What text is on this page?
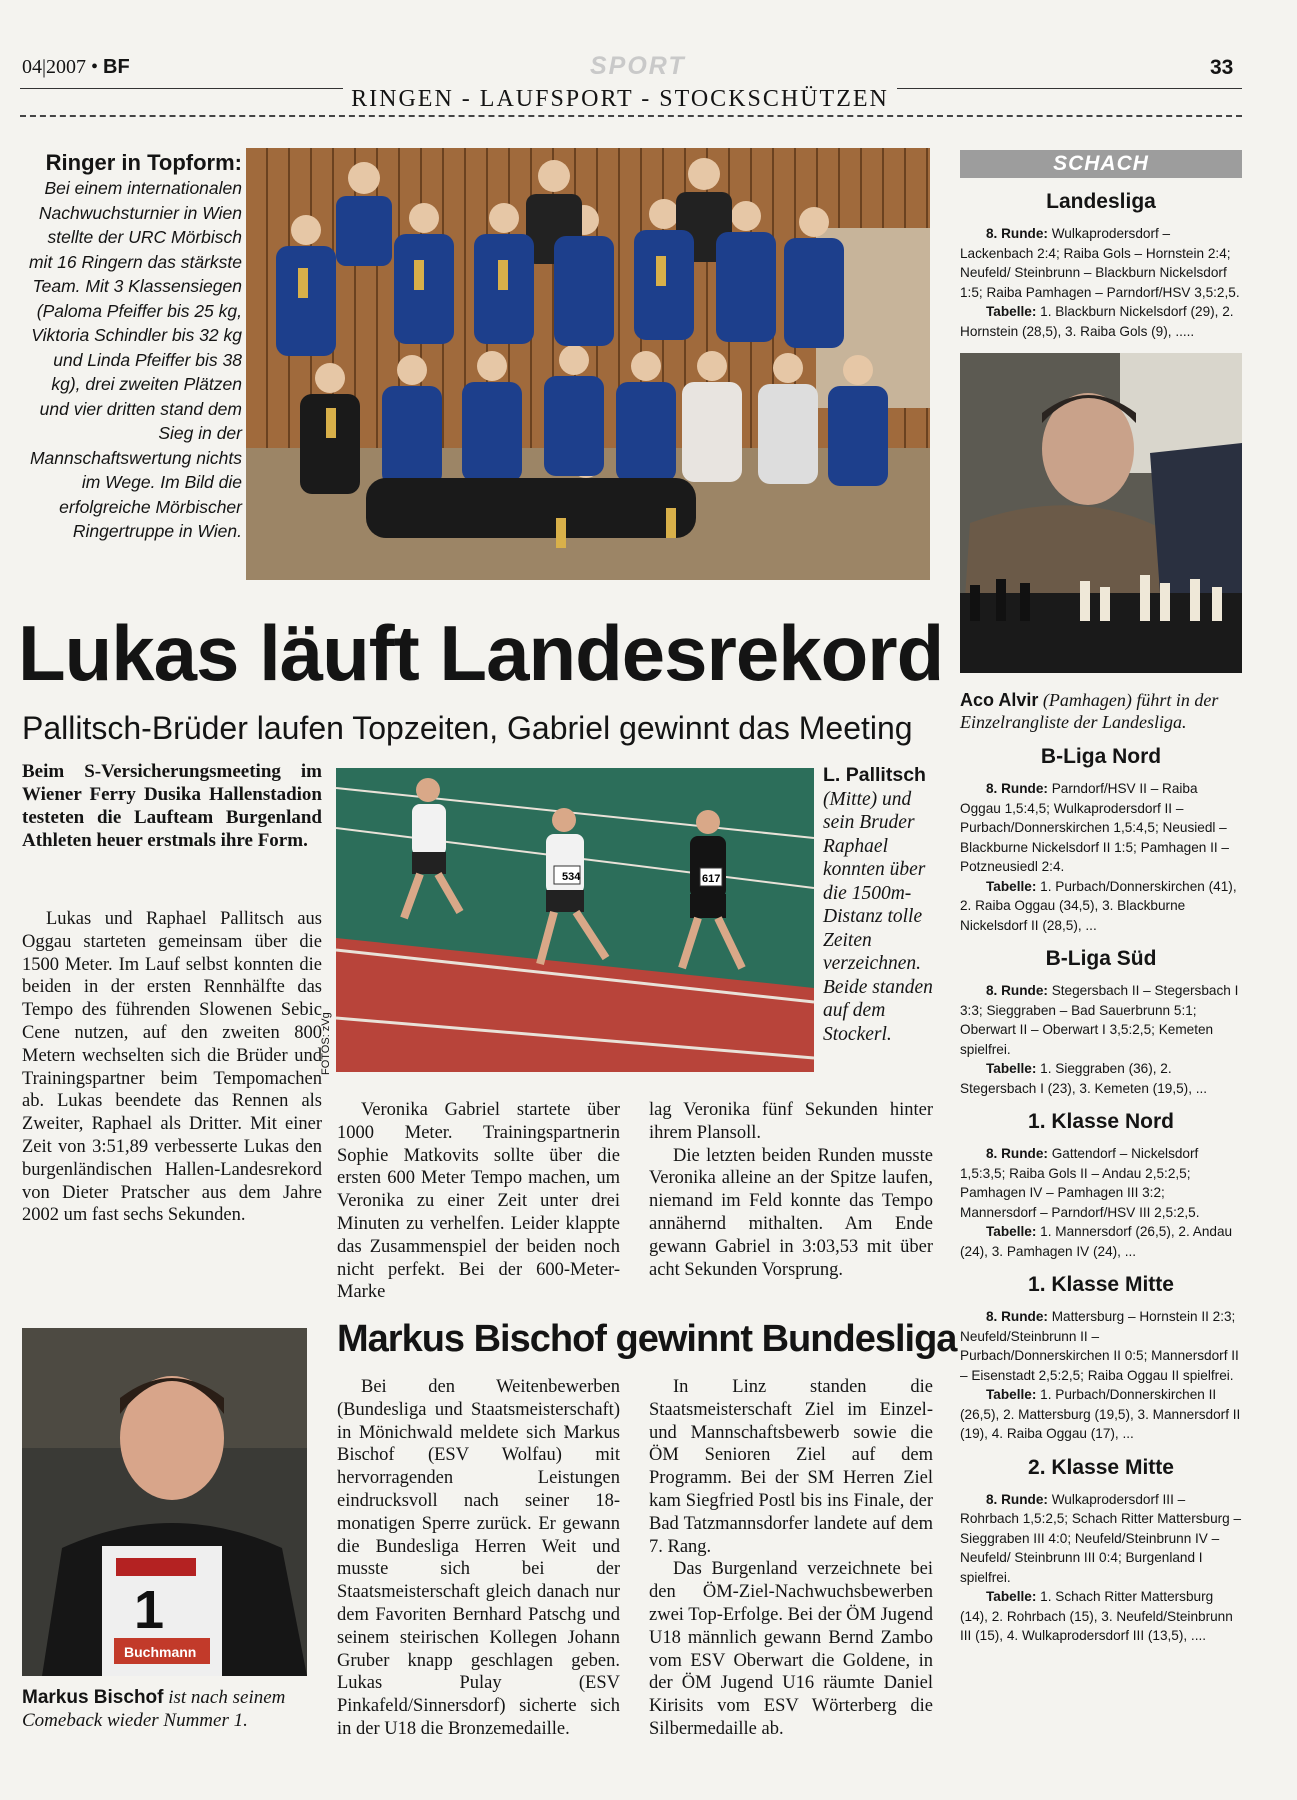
04|2007 • BF	SPORT	33
RINGEN - LAUFSPORT - STOCKSCHÜTZEN
Ringer in Topform:
Bei einem internationalen Nachwuchsturnier in Wien stellte der URC Mörbisch mit 16 Ringern das stärkste Team. Mit 3 Klassensiegen (Paloma Pfeiffer bis 25 kg, Viktoria Schindler bis 32 kg und Linda Pfeiffer bis 38 kg), drei zweiten Plätzen und vier dritten stand dem Sieg in der Mannschaftswertung nichts im Wege. Im Bild die erfolgreiche Mörbischer Ringertruppe in Wien.
Lukas läuft Landesrekord
Pallitsch-Brüder laufen Topzeiten, Gabriel gewinnt das Meeting
Beim S-Versicherungsmeeting im Wiener Ferry Dusika Hallenstadion testeten die Laufteam Burgenland Athleten heuer erstmals ihre Form.

Lukas und Raphael Pallitsch aus Oggau starteten gemeinsam über die 1500 Meter. Im Lauf selbst konnten die beiden in der ersten Rennhälfte das Tempo des führenden Slowenen Sebic Cene nutzen, auf den zweiten 800 Metern wechselten sich die Brüder und Trainingspartner beim Tempomachen ab. Lukas beendete das Rennen als Zweiter, Raphael als Dritter. Mit einer Zeit von 3:51,89 verbesserte Lukas den burgenländischen Hallen-Landesrekord von Dieter Pratscher aus dem Jahre 2002 um fast sechs Sekunden.

534	617
FOTOS: zVg
L. Pallitsch (Mitte) und sein Bruder Raphael konnten über die 1500m-Distanz tolle Zeiten verzeichnen. Beide standen auf dem Stockerl.

Veronika Gabriel startete über 1000 Meter. Trainingspartnerin Sophie Matkovits sollte über die ersten 600 Meter Tempo machen, um Veronika zu einer Zeit unter drei Minuten zu verhelfen. Leider klappte das Zusammenspiel der beiden noch nicht perfekt. Bei der 600-Meter-Marke

lag Veronika fünf Sekunden hinter ihrem Plansoll.

Die letzten beiden Runden musste Veronika alleine an der Spitze laufen, niemand im Feld konnte das Tempo annähernd mithalten. Am Ende gewann Gabriel in 3:03,53 mit über acht Sekunden Vorsprung.

1
Buchmann
Markus Bischof ist nach seinem Comeback wieder Nummer 1.
Markus Bischof gewinnt Bundesliga

Bei den Weitenbewerben (Bundesliga und Staatsmeisterschaft) in Mönichwald meldete sich Markus Bischof (ESV Wolfau) mit hervorragenden Leistungen eindrucksvoll nach seiner 18-monatigen Sperre zurück. Er gewann die Bundesliga Herren Weit und musste sich bei der Staatsmeisterschaft gleich danach nur dem Favoriten Bernhard Patschg und seinem steirischen Kollegen Johann Gruber knapp geschlagen geben. Lukas Pulay (ESV Pinkafeld/Sinnersdorf) sicherte sich in der U18 die Bronzemedaille.

In Linz standen die Staatsmeisterschaft Ziel im Einzel- und Mannschaftsbewerb sowie die ÖM Senioren Ziel auf dem Programm. Bei der SM Herren Ziel kam Siegfried Postl bis ins Finale, der Bad Tatzmannsdorfer landete auf dem 7. Rang.

Das Burgenland verzeichnete bei den ÖM-Ziel-Nachwuchsbewerben zwei Top-Erfolge. Bei der ÖM Jugend U18 männlich gewann Bernd Zambo vom ESV Oberwart die Goldene, in der ÖM Jugend U16 räumte Daniel Kirisits vom ESV Wörterberg die Silbermedaille ab.

SCHACH
Landesliga
8. Runde: Wulkaprodersdorf – Lackenbach 2:4; Raiba Gols – Hornstein 2:4; Neufeld/ Steinbrunn – Blackburn Nickelsdorf 1:5; Raiba Pamhagen – Parndorf/HSV 3,5:2,5.
Tabelle: 1. Blackburn Nickelsdorf (29), 2. Hornstein (28,5), 3. Raiba Gols (9), .....
Aco Alvir (Pamhagen) führt in der Einzelrangliste der Landesliga.
B-Liga Nord
8. Runde: Parndorf/HSV II – Raiba Oggau 1,5:4,5; Wulkaprodersdorf II – Purbach/Donnerskirchen 1,5:4,5; Neusiedl – Blackburne Nickelsdorf II 1:5; Pamhagen II – Potzneusiedl 2:4.
Tabelle: 1. Purbach/Donnerskirchen (41), 2. Raiba Oggau (34,5), 3. Blackburne Nickelsdorf II (28,5), ...
B-Liga Süd
8. Runde: Stegersbach II – Stegersbach I 3:3; Sieggraben – Bad Sauerbrunn 5:1; Oberwart II – Oberwart I 3,5:2,5; Kemeten spielfrei.
Tabelle: 1. Sieggraben (36), 2. Stegersbach I (23), 3. Kemeten (19,5), ...
1. Klasse Nord
8. Runde: Gattendorf – Nickelsdorf 1,5:3,5; Raiba Gols II – Andau 2,5:2,5; Pamhagen IV – Pamhagen III 3:2; Mannersdorf – Parndorf/HSV III 2,5:2,5.
Tabelle: 1. Mannersdorf (26,5), 2. Andau (24), 3. Pamhagen IV (24), ...
1. Klasse Mitte
8. Runde: Mattersburg – Hornstein II 2:3; Neufeld/Steinbrunn II – Purbach/Donnerskirchen II 0:5; Mannersdorf II – Eisenstadt 2,5:2,5; Raiba Oggau II spielfrei.
Tabelle: 1. Purbach/Donnerskirchen II (26,5), 2. Mattersburg (19,5), 3. Mannersdorf II (19), 4. Raiba Oggau (17), ...
2. Klasse Mitte
8. Runde: Wulkaprodersdorf III – Rohrbach 1,5:2,5; Schach Ritter Mattersburg – Sieggraben III 4:0; Neufeld/Steinbrunn IV – Neufeld/ Steinbrunn III 0:4; Burgenland I spielfrei.
Tabelle: 1. Schach Ritter Mattersburg (14), 2. Rohrbach (15), 3. Neufeld/Steinbrunn III (15), 4. Wulkaprodersdorf III (13,5), ....
